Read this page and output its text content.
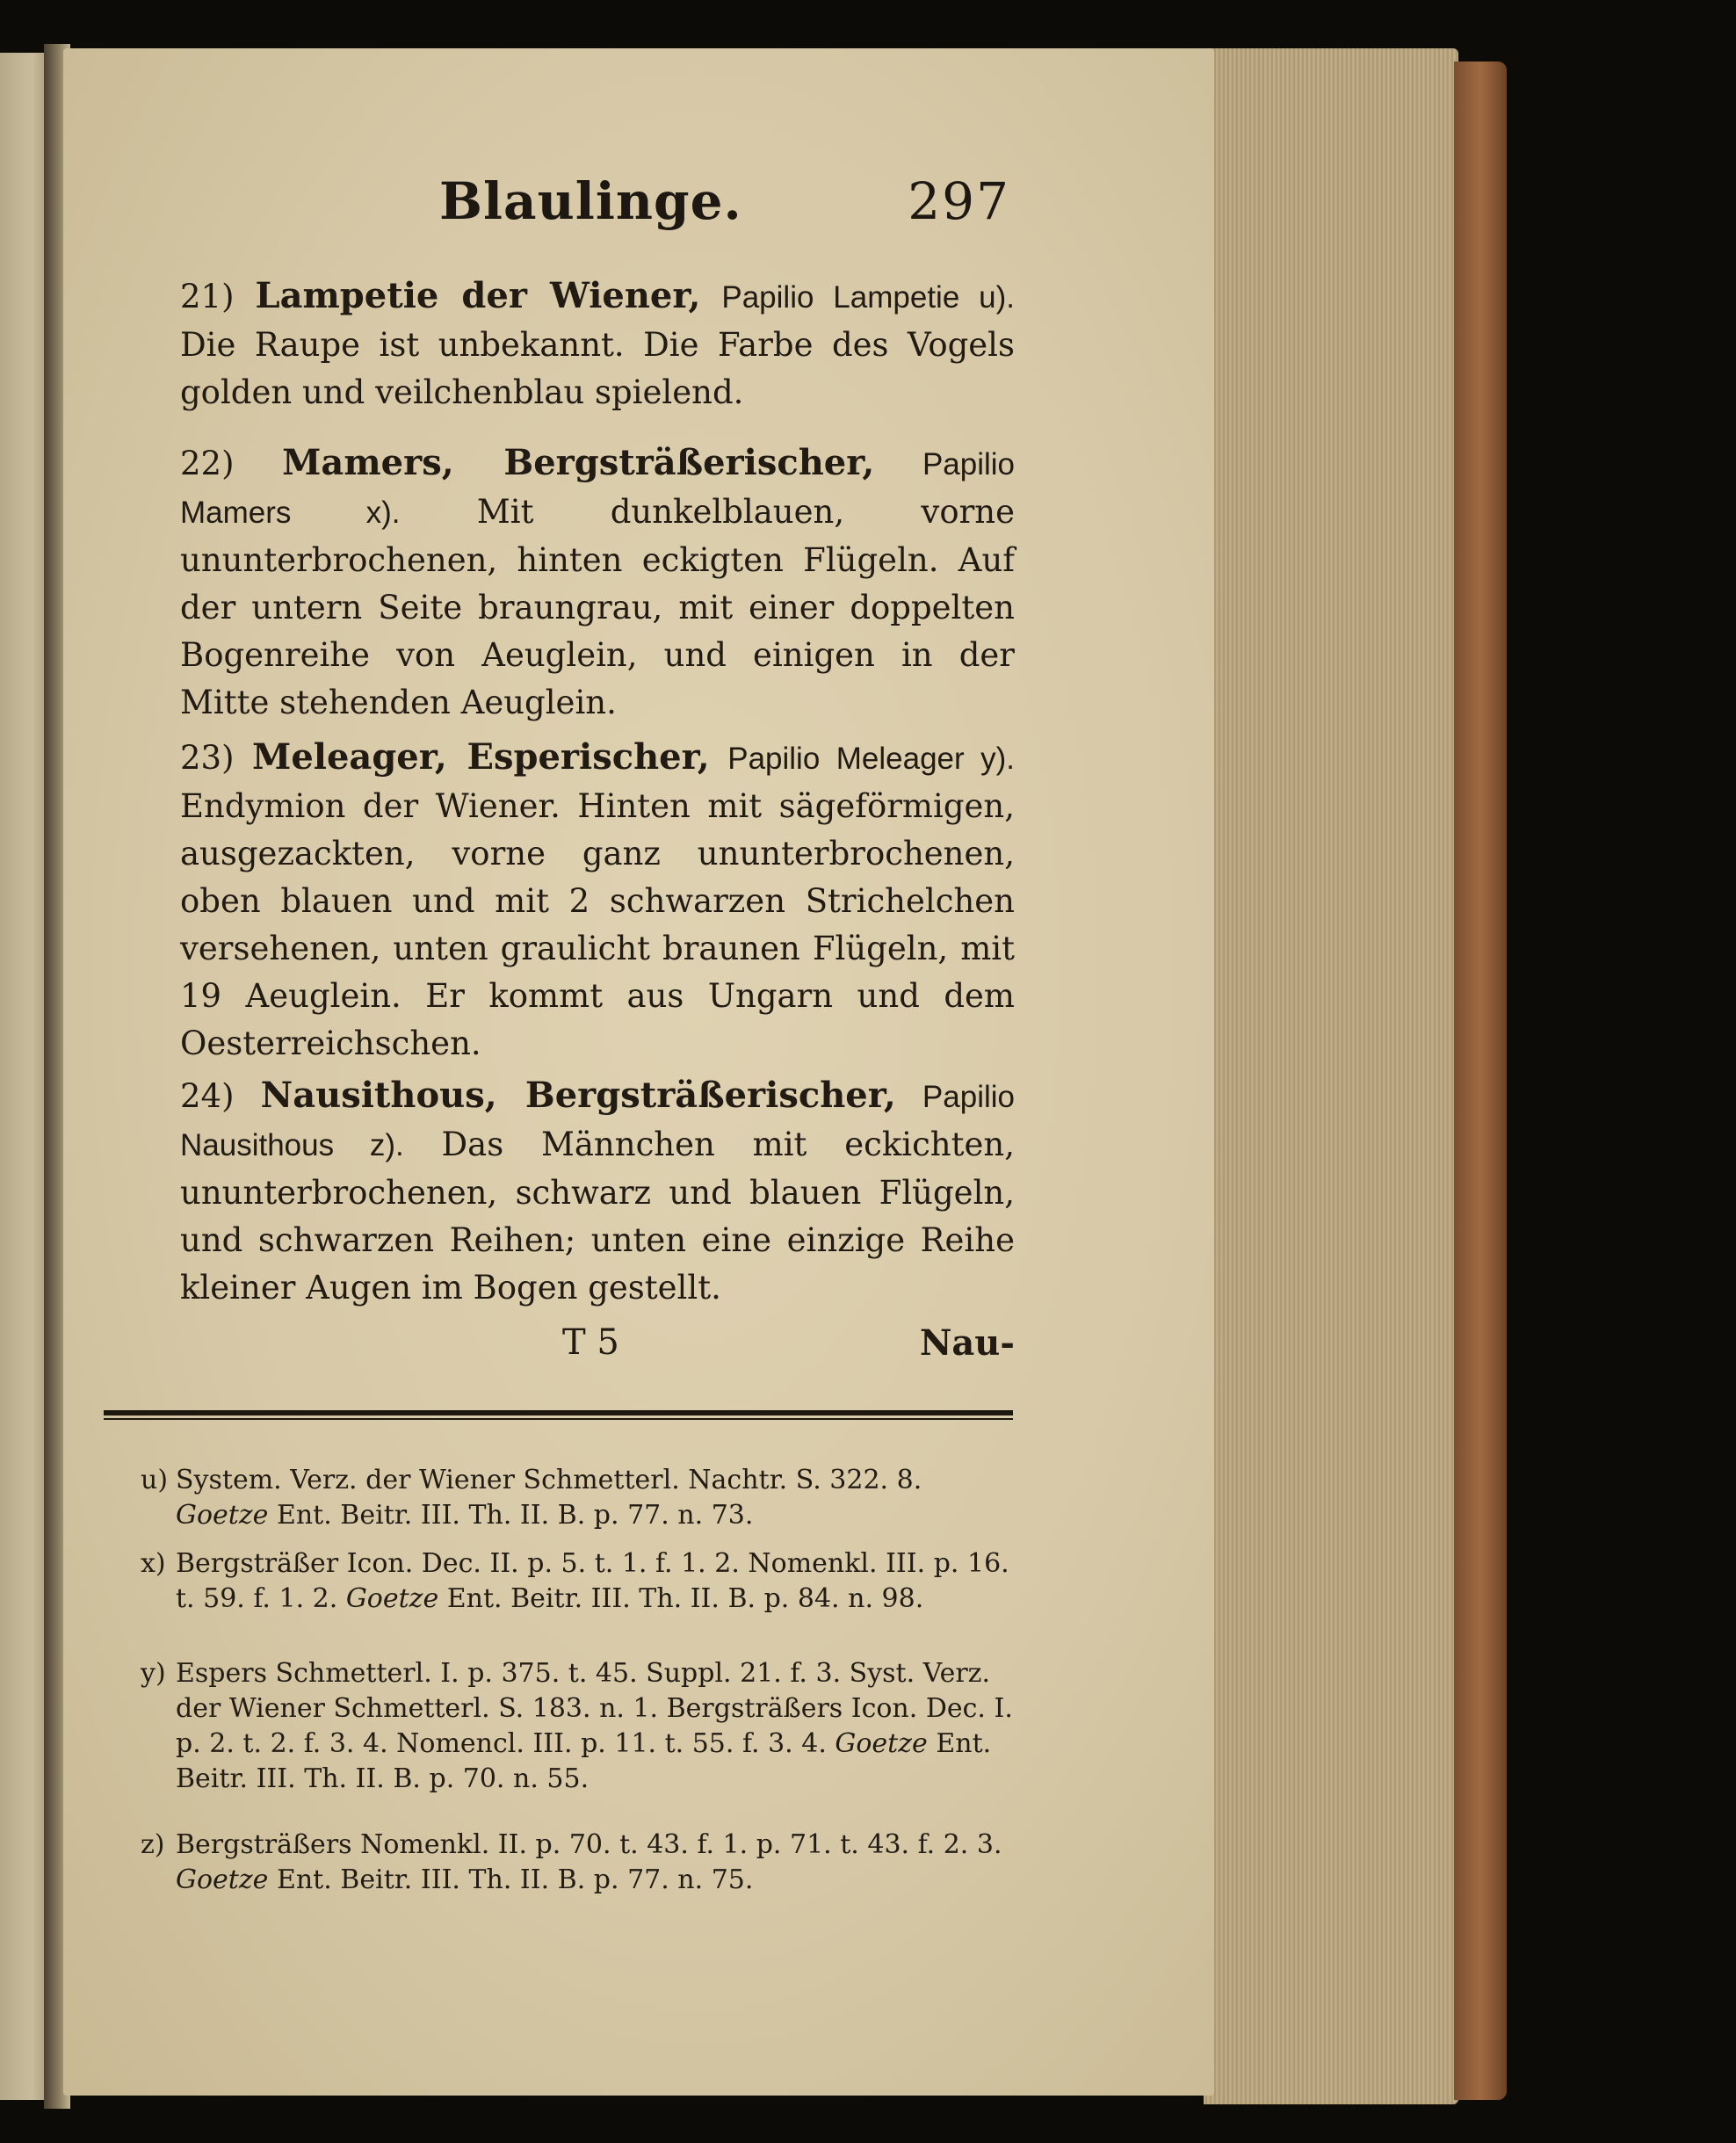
Blaulinge.	297
21) Lampetie der Wiener, Papilio Lampetie u). Die Raupe ist unbekannt. Die Farbe des Vogels golden und veilchenblau spielend.
22) Mamers, Bergsträßerischer, Papilio Mamers x). Mit dunkelblauen, vorne ununterbrochenen, hinten eckigten Flügeln. Auf der untern Seite braungrau, mit einer doppelten Bogenreihe von Aeuglein, und einigen in der Mitte stehenden Aeuglein.
23) Meleager, Esperischer, Papilio Meleager y). Endymion der Wiener. Hinten mit sägeförmigen, ausgezackten, vorne ganz ununterbrochenen, oben blauen und mit 2 schwarzen Strichelchen versehenen, unten graulicht braunen Flügeln, mit 19 Aeuglein. Er kommt aus Ungarn und dem Oesterreichschen.
24) Nausithous, Bergsträßerischer, Papilio Nausithous z). Das Männchen mit eckichten, ununterbrochenen, schwarz und blauen Flügeln, und schwarzen Reihen; unten eine einzige Reihe kleiner Augen im Bogen gestellt.
T 5	Nau-
u) System. Verz. der Wiener Schmetterl. Nachtr. S. 322. 8. Goetze Ent. Beitr. III. Th. II. B. p. 77. n. 73.
x) Bergsträßer Icon. Dec. II. p. 5. t. 1. f. 1. 2. Nomenkl. III. p. 16. t. 59. f. 1. 2. Goetze Ent. Beitr. III. Th. II. B. p. 84. n. 98.
y) Espers Schmetterl. I. p. 375. t. 45. Suppl. 21. f. 3. Syst. Verz. der Wiener Schmetterl. S. 183. n. 1. Bergsträßers Icon. Dec. I. p. 2. t. 2. f. 3. 4. Nomencl. III. p. 11. t. 55. f. 3. 4. Goetze Ent. Beitr. III. Th. II. B. p. 70. n. 55.
z) Bergsträßers Nomenkl. II. p. 70. t. 43. f. 1. p. 71. t. 43. f. 2. 3. Goetze Ent. Beitr. III. Th. II. B. p. 77. n. 75.
